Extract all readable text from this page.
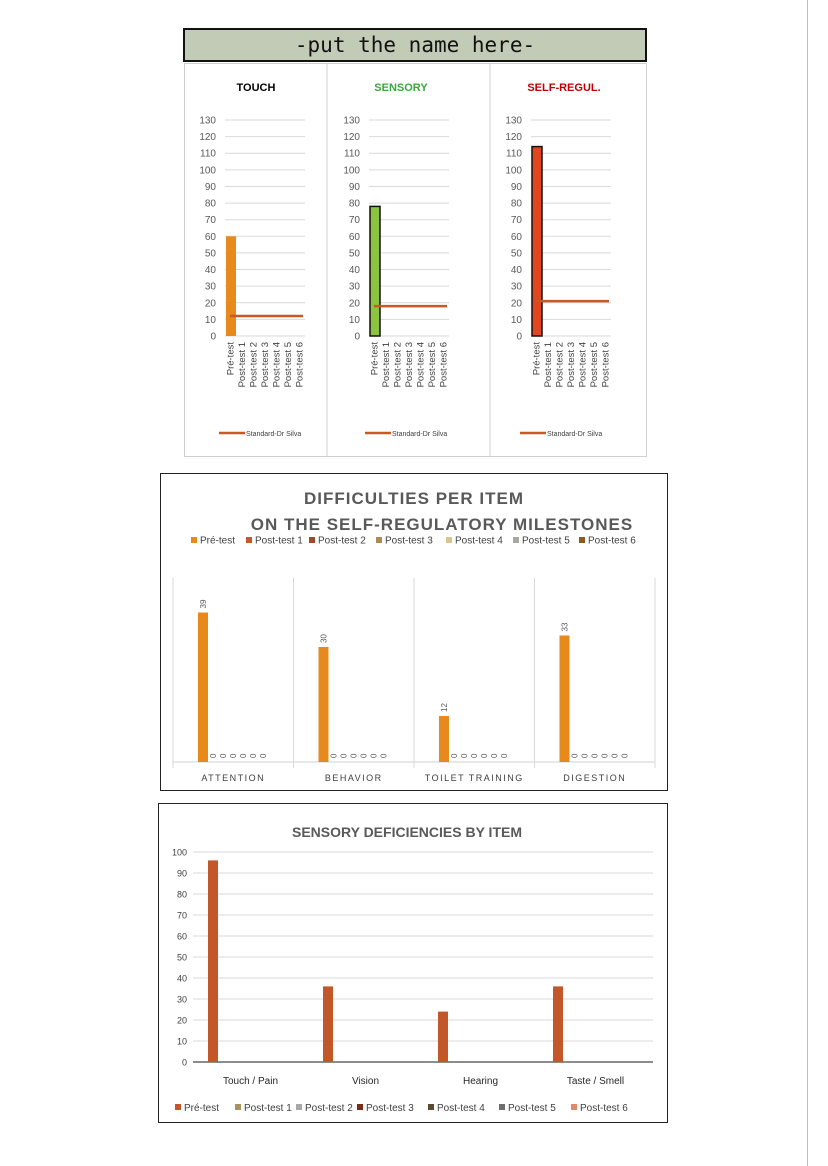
-put the name here-
TOUCH
0
10
20
30
40
50
60
70
80
90
100
110
120
130
Pré-test Post-test 1 Post-test 2 Post-test 3 Post-test 4 Post-test 5 Post-test 6
Standard-Dr Silva
SENSORY
0
10
20
30
40
50
60
70
80
90
100
110
120
130
Pré-test Post-test 1 Post-test 2 Post-test 3 Post-test 4 Post-test 5 Post-test 6
Standard-Dr Silva
SELF-REGUL.
0
10
20
30
40
50
60
70
80
90
100
110
120
130
Pré-test Post-test 1 Post-test 2 Post-test 3 Post-test 4 Post-test 5 Post-test 6
Standard-Dr Silva
DIFFICULTIES PER ITEM
ON THE SELF-REGULATORY MILESTONES
Pré-test Post-test 1 Post-test 2 Post-test 3 Post-test 4 Post-test 5 Post-test 6
ATTENTION
39
0 0 0 0 0 0
BEHAVIOR
30
0 0 0 0 0 0
TOILET TRAINING
12
0 0 0 0 0 0
DIGESTION
33
0 0 0 0 0 0
SENSORY DEFICIENCIES BY ITEM
0
10
20
30
40
50
60
70
80
90
100
Touch / Pain	Vision	Hearing	Taste / Smell
Pré-test Post-test 1 Post-test 2 Post-test 3 Post-test 4 Post-test 5 Post-test 6
